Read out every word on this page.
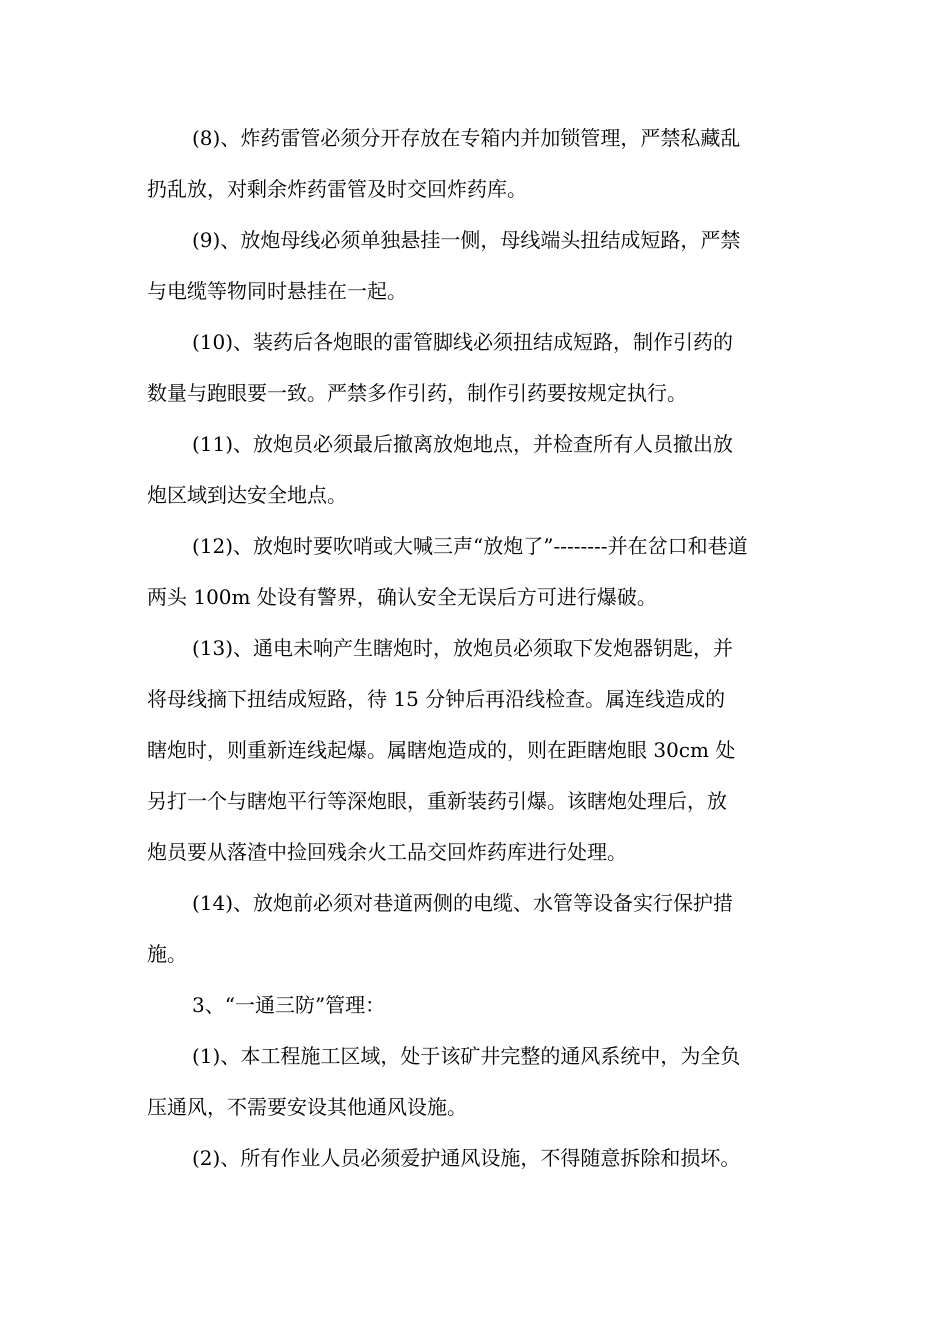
(8)、炸药雷管必须分开存放在专箱内并加锁管理，严禁私藏乱
扔乱放，对剩余炸药雷管及时交回炸药库。

(9)、放炮母线必须单独悬挂一侧，母线端头扭结成短路，严禁
与电缆等物同时悬挂在一起。

(10)、装药后各炮眼的雷管脚线必须扭结成短路，制作引药的
数量与跑眼要一致。严禁多作引药，制作引药要按规定执行。

(11)、放炮员必须最后撤离放炮地点，并检查所有人员撤出放
炮区域到达安全地点。

(12)、放炮时要吹哨或大喊三声“放炮了”--------并在岔口和巷道
两头 100m 处设有警界，确认安全无误后方可进行爆破。

(13)、通电未响产生瞎炮时，放炮员必须取下发炮器钥匙，并
将母线摘下扭结成短路，待 15 分钟后再沿线检查。属连线造成的
瞎炮时，则重新连线起爆。属瞎炮造成的，则在距瞎炮眼 30cm 处
另打一个与瞎炮平行等深炮眼，重新装药引爆。该瞎炮处理后，放
炮员要从落渣中捡回残余火工品交回炸药库进行处理。

(14)、放炮前必须对巷道两侧的电缆、水管等设备实行保护措
施。

3、“一通三防”管理：

(1)、本工程施工区域，处于该矿井完整的通风系统中，为全负
压通风，不需要安设其他通风设施。

(2)、所有作业人员必须爱护通风设施，不得随意拆除和损坏。
